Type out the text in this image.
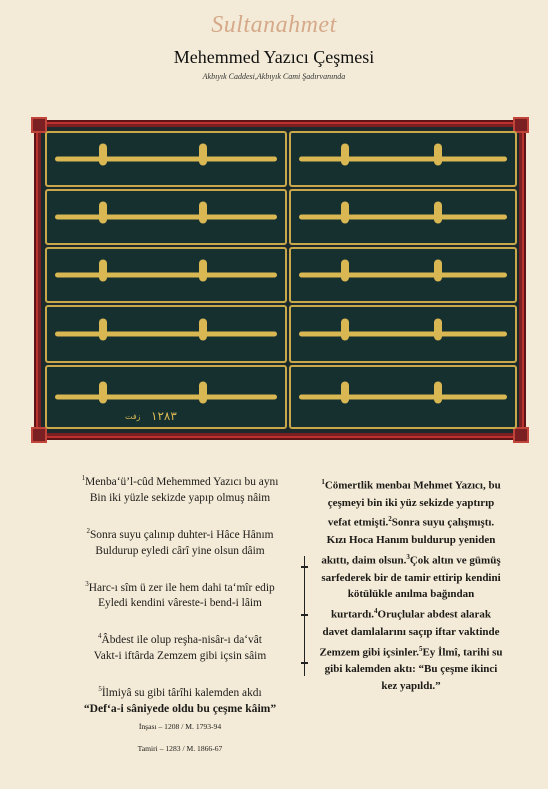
Sultanahmet
Mehemmed Yazıcı Çeşmesi
Akbıyık Caddesi,Akbıyık Cami Şadırvanında
١٢٨٣
زفت
$^1$Menba‘ü’l-cûd Mehemmed Yazıcı bu aynı
Bin iki yüzle sekizde yapıp olmuş nâim
$^2$Sonra suyu çalınıp duhter-i Hâce Hânım
Buldurup eyledi cârî yine olsun dâim
$^3$Harc-ı sîm ü zer ile hem dahi ta‘mîr edip
Eyledi kendini vâreste-i bend-i lâim
$^4$Âbdest ile olup reşha-nisâr-ı da‘vât
Vakt-i iftârda Zemzem gibi içsin sâim
$^5$İlmiyâ su gibi târîhi kalemden akdı
“Def‘a-i sâniyede oldu bu çeşme kâim”
İnşası – 1208 / M. 1793-94
Tamiri – 1283 / M. 1866-67
$^1$Cömertlik menbaı Mehmet Yazıcı, bu çeşmeyi bin iki yüz sekizde yaptırıp vefat etmişti.$^2$Sonra suyu çalışmıştı. Kızı Hoca Hanım buldurup yeniden akıttı, daim olsun.$^3$Çok altın ve gümüş sarfederek bir de tamir ettirip kendini kötülükle anılma bağından kurtardı.$^4$Oruçlular abdest alarak davet damlalarını saçıp iftar vaktinde Zemzem gibi içsinler.$^5$Ey İlmî, tarihi su gibi kalemden aktı: “Bu çeşme ikinci kez yapıldı.”
